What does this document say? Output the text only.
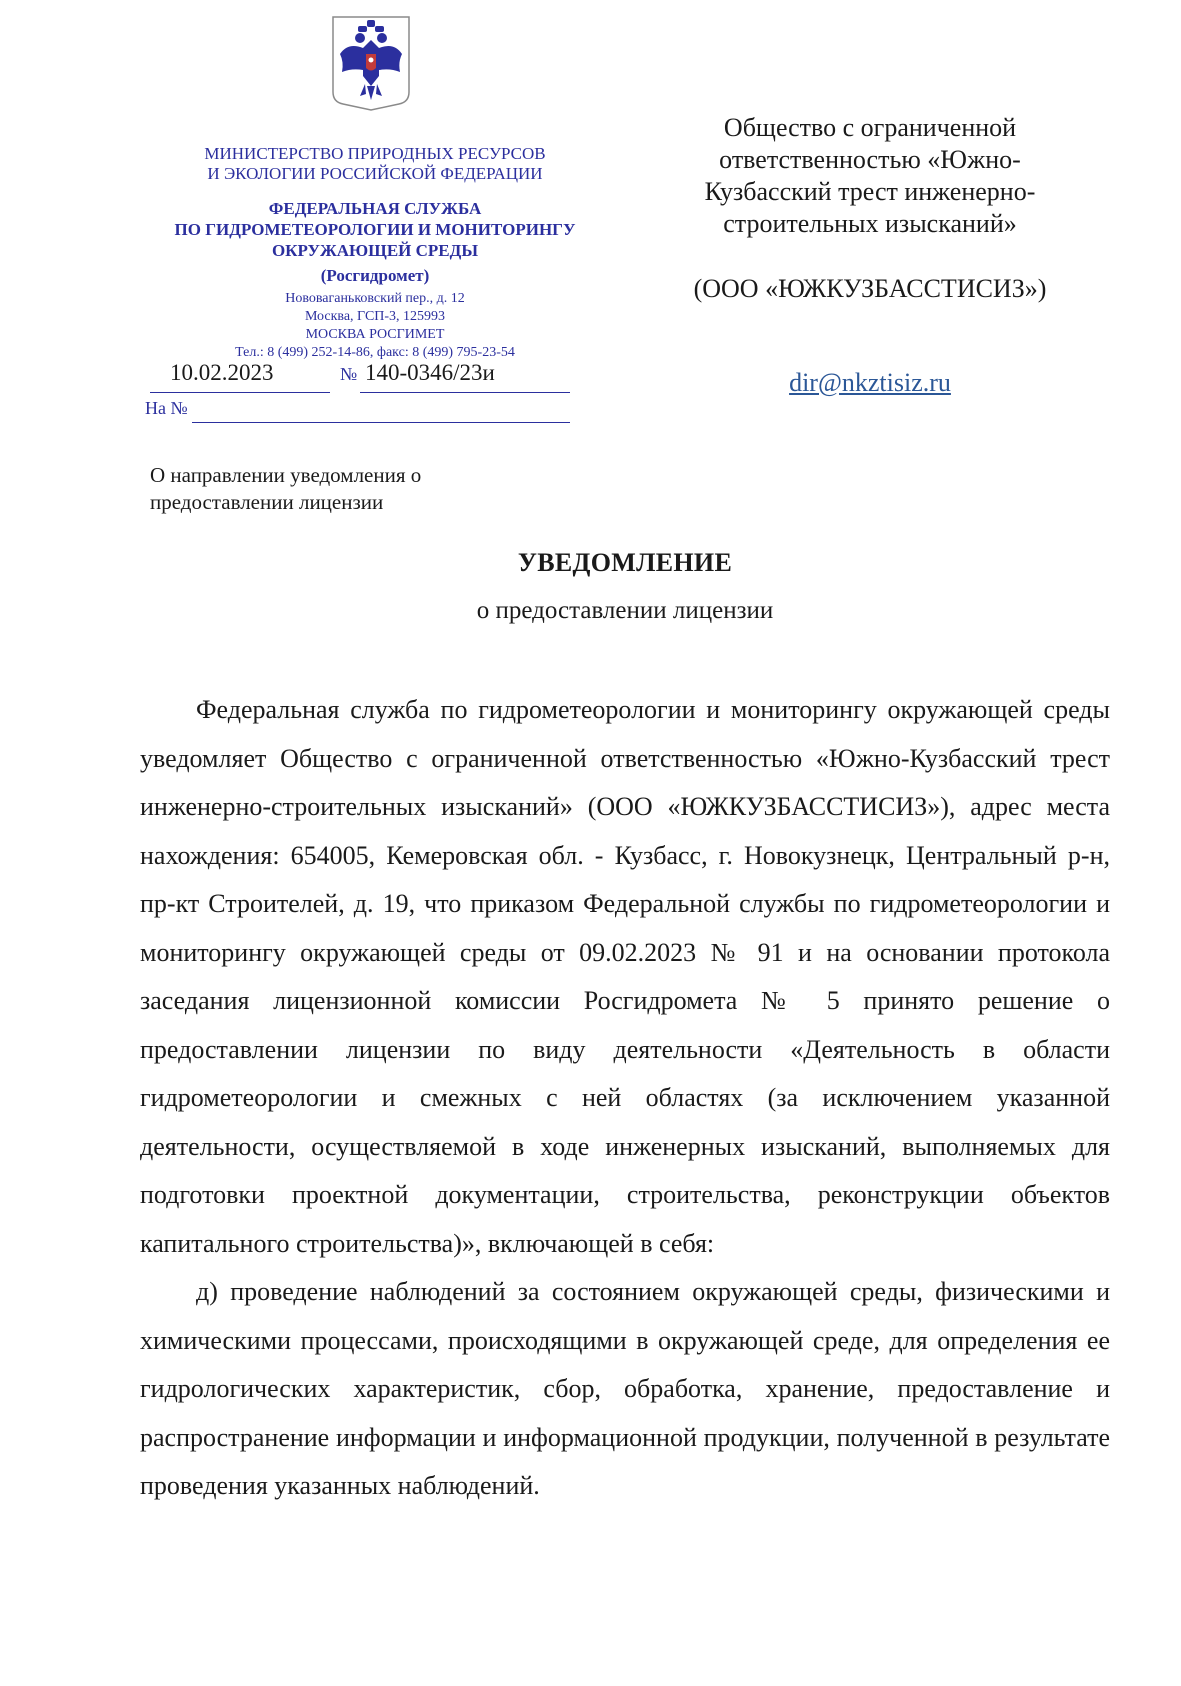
МИНИСТЕРСТВО ПРИРОДНЫХ РЕСУРСОВ
И ЭКОЛОГИИ РОССИЙСКОЙ ФЕДЕРАЦИИ
ФЕДЕРАЛЬНАЯ СЛУЖБА
ПО ГИДРОМЕТЕОРОЛОГИИ И МОНИТОРИНГУ
ОКРУЖАЮЩЕЙ СРЕДЫ
(Росгидромет)
Нововаганьковский пер., д. 12
Москва, ГСП-3, 125993
МОСКВА РОСГИМЕТ
Тел.: 8 (499) 252-14-86, факс: 8 (499) 795-23-54
10.02.2023	№ 140-0346/23и
На №
О направлении уведомления о
предоставлении лицензии
Общество с ограниченной
ответственностью «Южно-
Кузбасский трест инженерно-
строительных изысканий»
(ООО «ЮЖКУЗБАССТИСИЗ»)
dir@nkztisiz.ru
УВЕДОМЛЕНИЕ
о предоставлении лицензии

Федеральная служба по гидрометеорологии и мониторингу окружающей среды уведомляет Общество с ограниченной ответственностью «Южно-Кузбасский трест инженерно-строительных изысканий» (ООО «ЮЖКУЗБАССТИСИЗ»), адрес места нахождения: 654005, Кемеровская обл. - Кузбасс, г. Новокузнецк, Центральный р-н, пр-кт Строителей, д. 19, что приказом Федеральной службы по гидрометеорологии и мониторингу окружающей среды от 09.02.2023 № 91 и на основании протокола заседания лицензионной комиссии Росгидромета № 5 принято решение о предоставлении лицензии по виду деятельности «Деятельность в области гидрометеорологии и смежных с ней областях (за исключением указанной деятельности, осуществляемой в ходе инженерных изысканий, выполняемых для подготовки проектной документации, строительства, реконструкции объектов капитального строительства)», включающей в себя:

д) проведение наблюдений за состоянием окружающей среды, физическими и химическими процессами, происходящими в окружающей среде, для определения ее гидрологических характеристик, сбор, обработка, хранение, предоставление и распространение информации и информационной продукции, полученной в результате проведения указанных наблюдений.
